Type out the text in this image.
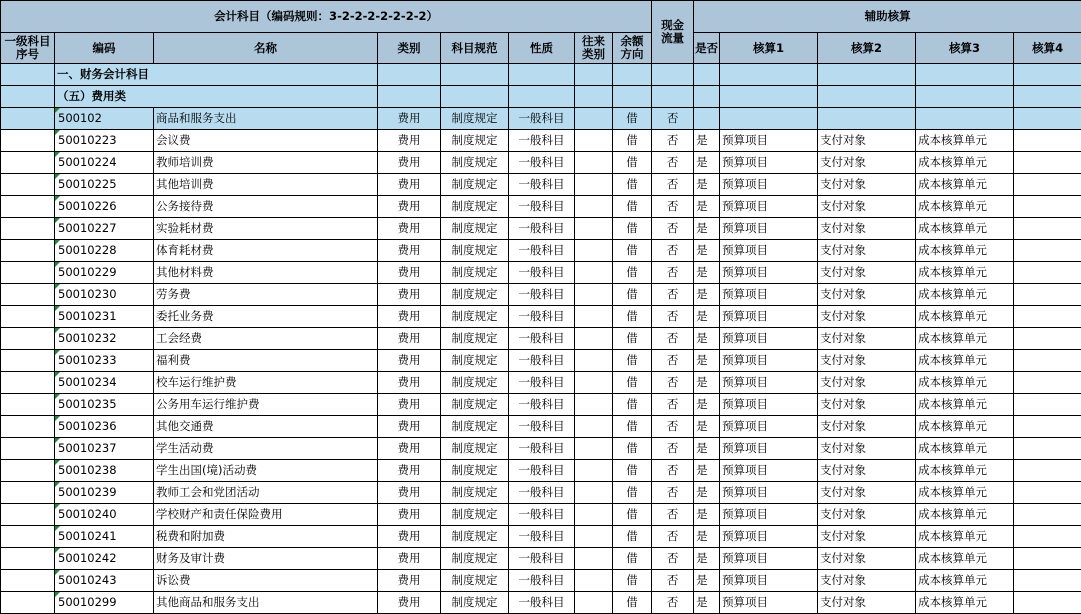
会计科目（编码规则：3-2-2-2-2-2-2-2）								现金流量	辅助核算				
一级科目序号	编码	名称	类别	科目规范	性质	往来类别	余额方向		是否	核算1	核算2	核算3	核算4
	一、财务会计科目												
	（五）费用类												
	500102	商品和服务支出	费用	制度规定	一般科目		借	否					
	50010223	会议费	费用	制度规定	一般科目		借	否	是	预算项目	支付对象	成本核算单元	
	50010224	教师培训费	费用	制度规定	一般科目		借	否	是	预算项目	支付对象	成本核算单元	
	50010225	其他培训费	费用	制度规定	一般科目		借	否	是	预算项目	支付对象	成本核算单元	
	50010226	公务接待费	费用	制度规定	一般科目		借	否	是	预算项目	支付对象	成本核算单元	
	50010227	实验耗材费	费用	制度规定	一般科目		借	否	是	预算项目	支付对象	成本核算单元	
	50010228	体育耗材费	费用	制度规定	一般科目		借	否	是	预算项目	支付对象	成本核算单元	
	50010229	其他材料费	费用	制度规定	一般科目		借	否	是	预算项目	支付对象	成本核算单元	
	50010230	劳务费	费用	制度规定	一般科目		借	否	是	预算项目	支付对象	成本核算单元	
	50010231	委托业务费	费用	制度规定	一般科目		借	否	是	预算项目	支付对象	成本核算单元	
	50010232	工会经费	费用	制度规定	一般科目		借	否	是	预算项目	支付对象	成本核算单元	
	50010233	福利费	费用	制度规定	一般科目		借	否	是	预算项目	支付对象	成本核算单元	
	50010234	校车运行维护费	费用	制度规定	一般科目		借	否	是	预算项目	支付对象	成本核算单元	
	50010235	公务用车运行维护费	费用	制度规定	一般科目		借	否	是	预算项目	支付对象	成本核算单元	
	50010236	其他交通费	费用	制度规定	一般科目		借	否	是	预算项目	支付对象	成本核算单元	
	50010237	学生活动费	费用	制度规定	一般科目		借	否	是	预算项目	支付对象	成本核算单元	
	50010238	学生出国(境)活动费	费用	制度规定	一般科目		借	否	是	预算项目	支付对象	成本核算单元	
	50010239	教师工会和党团活动	费用	制度规定	一般科目		借	否	是	预算项目	支付对象	成本核算单元	
	50010240	学校财产和责任保险费用	费用	制度规定	一般科目		借	否	是	预算项目	支付对象	成本核算单元	
	50010241	税费和附加费	费用	制度规定	一般科目		借	否	是	预算项目	支付对象	成本核算单元	
	50010242	财务及审计费	费用	制度规定	一般科目		借	否	是	预算项目	支付对象	成本核算单元	
	50010243	诉讼费	费用	制度规定	一般科目		借	否	是	预算项目	支付对象	成本核算单元	
	50010299	其他商品和服务支出	费用	制度规定	一般科目		借	否	是	预算项目	支付对象	成本核算单元	
